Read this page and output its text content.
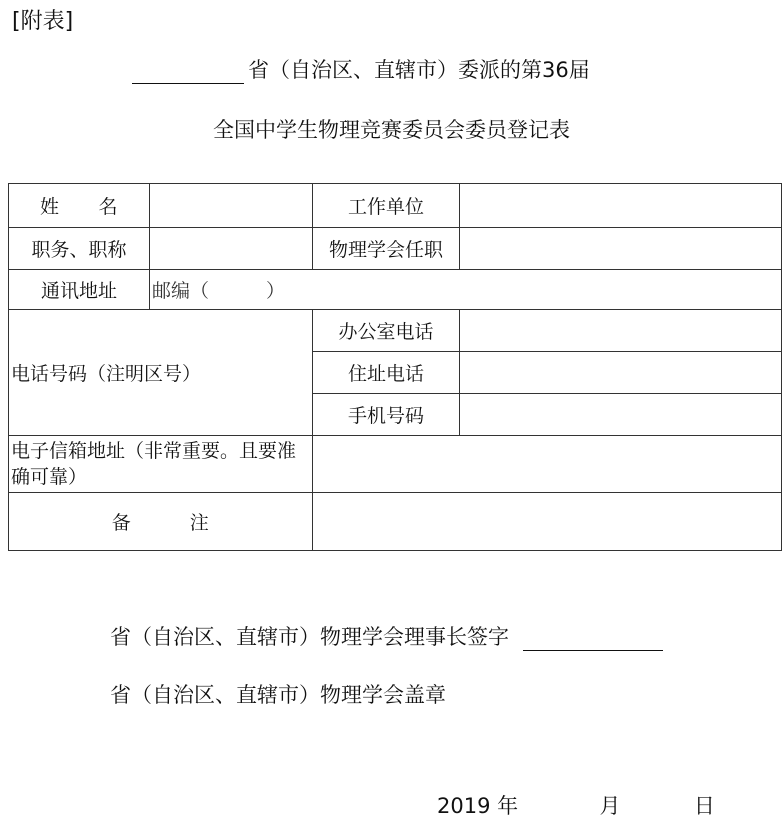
[附表]
省（自治区、直辖市）委派的第36届
全国中学生物理竞赛委员会委员登记表
姓　　名		工作单位	
职务、职称		物理学会任职	
通讯地址	邮编（　　　）		
电话号码（注明区号）		办公室电话	
		住址电话	
		手机号码	
电子信箱地址（非常重要。且要准确可靠）			
备　　　注			
省（自治区、直辖市）物理学会理事长签字
省（自治区、直辖市）物理学会盖章
2019 年	月	日
